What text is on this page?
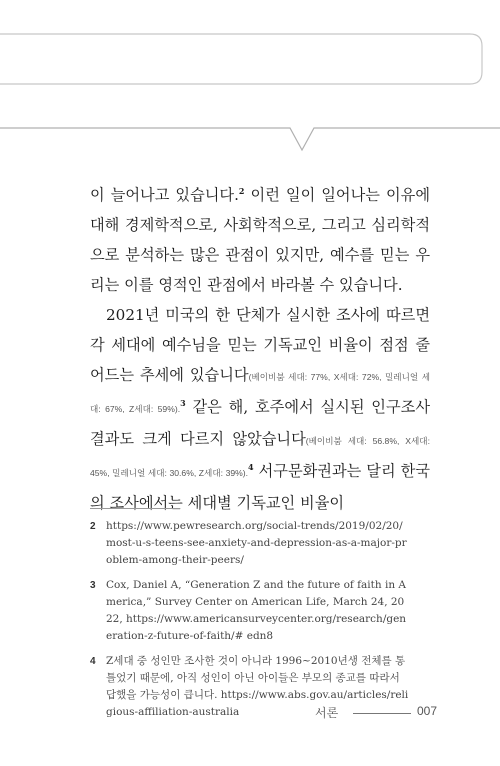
이 늘어나고 있습니다.$^2$ 이런 일이 일어나는 이유에 대해 경제학적으로, 사회학적으로, 그리고 심리학적으로 분석하는 많은 관점이 있지만, 예수를 믿는 우리는 이를 영적인 관점에서 바라볼 수 있습니다.

2021년 미국의 한 단체가 실시한 조사에 따르면 각 세대에 예수님을 믿는 기독교인 비율이 점점 줄어드는 추세에 있습니다(베이비붐 세대: 77%, X세대: 72%, 밀레니얼 세대: 67%, Z세대: 59%).$^3$ 같은 해, 호주에서 실시된 인구조사 결과도 크게 다르지 않았습니다(베이비붐 세대: 56.8%, X세대: 45%, 밀레니얼 세대: 30.6%, Z세대: 39%).$^4$ 서구문화권과는 달리 한국의 조사에서는 세대별 기독교인 비율이

2 https://www.pewresearch.org/social-trends/2019/02/20/most-u-s-teens-see-anxiety-and-depression-as-a-major-problem-among-their-peers/
3 Cox, Daniel A, “Generation Z and the future of faith in America,” Survey Center on American Life, March 24, 2022, https://www.americansurveycenter.org/research/generation-z-future-of-faith/# edn8
4 Z세대 중 성인만 조사한 것이 아니라 1996~2010년생 전체를 통틀었기 때문에, 아직 성인이 아닌 아이들은 부모의 종교를 따라서 답했을 가능성이 큽니다. https://www.abs.gov.au/articles/religious-affiliation-australia	서론	007
